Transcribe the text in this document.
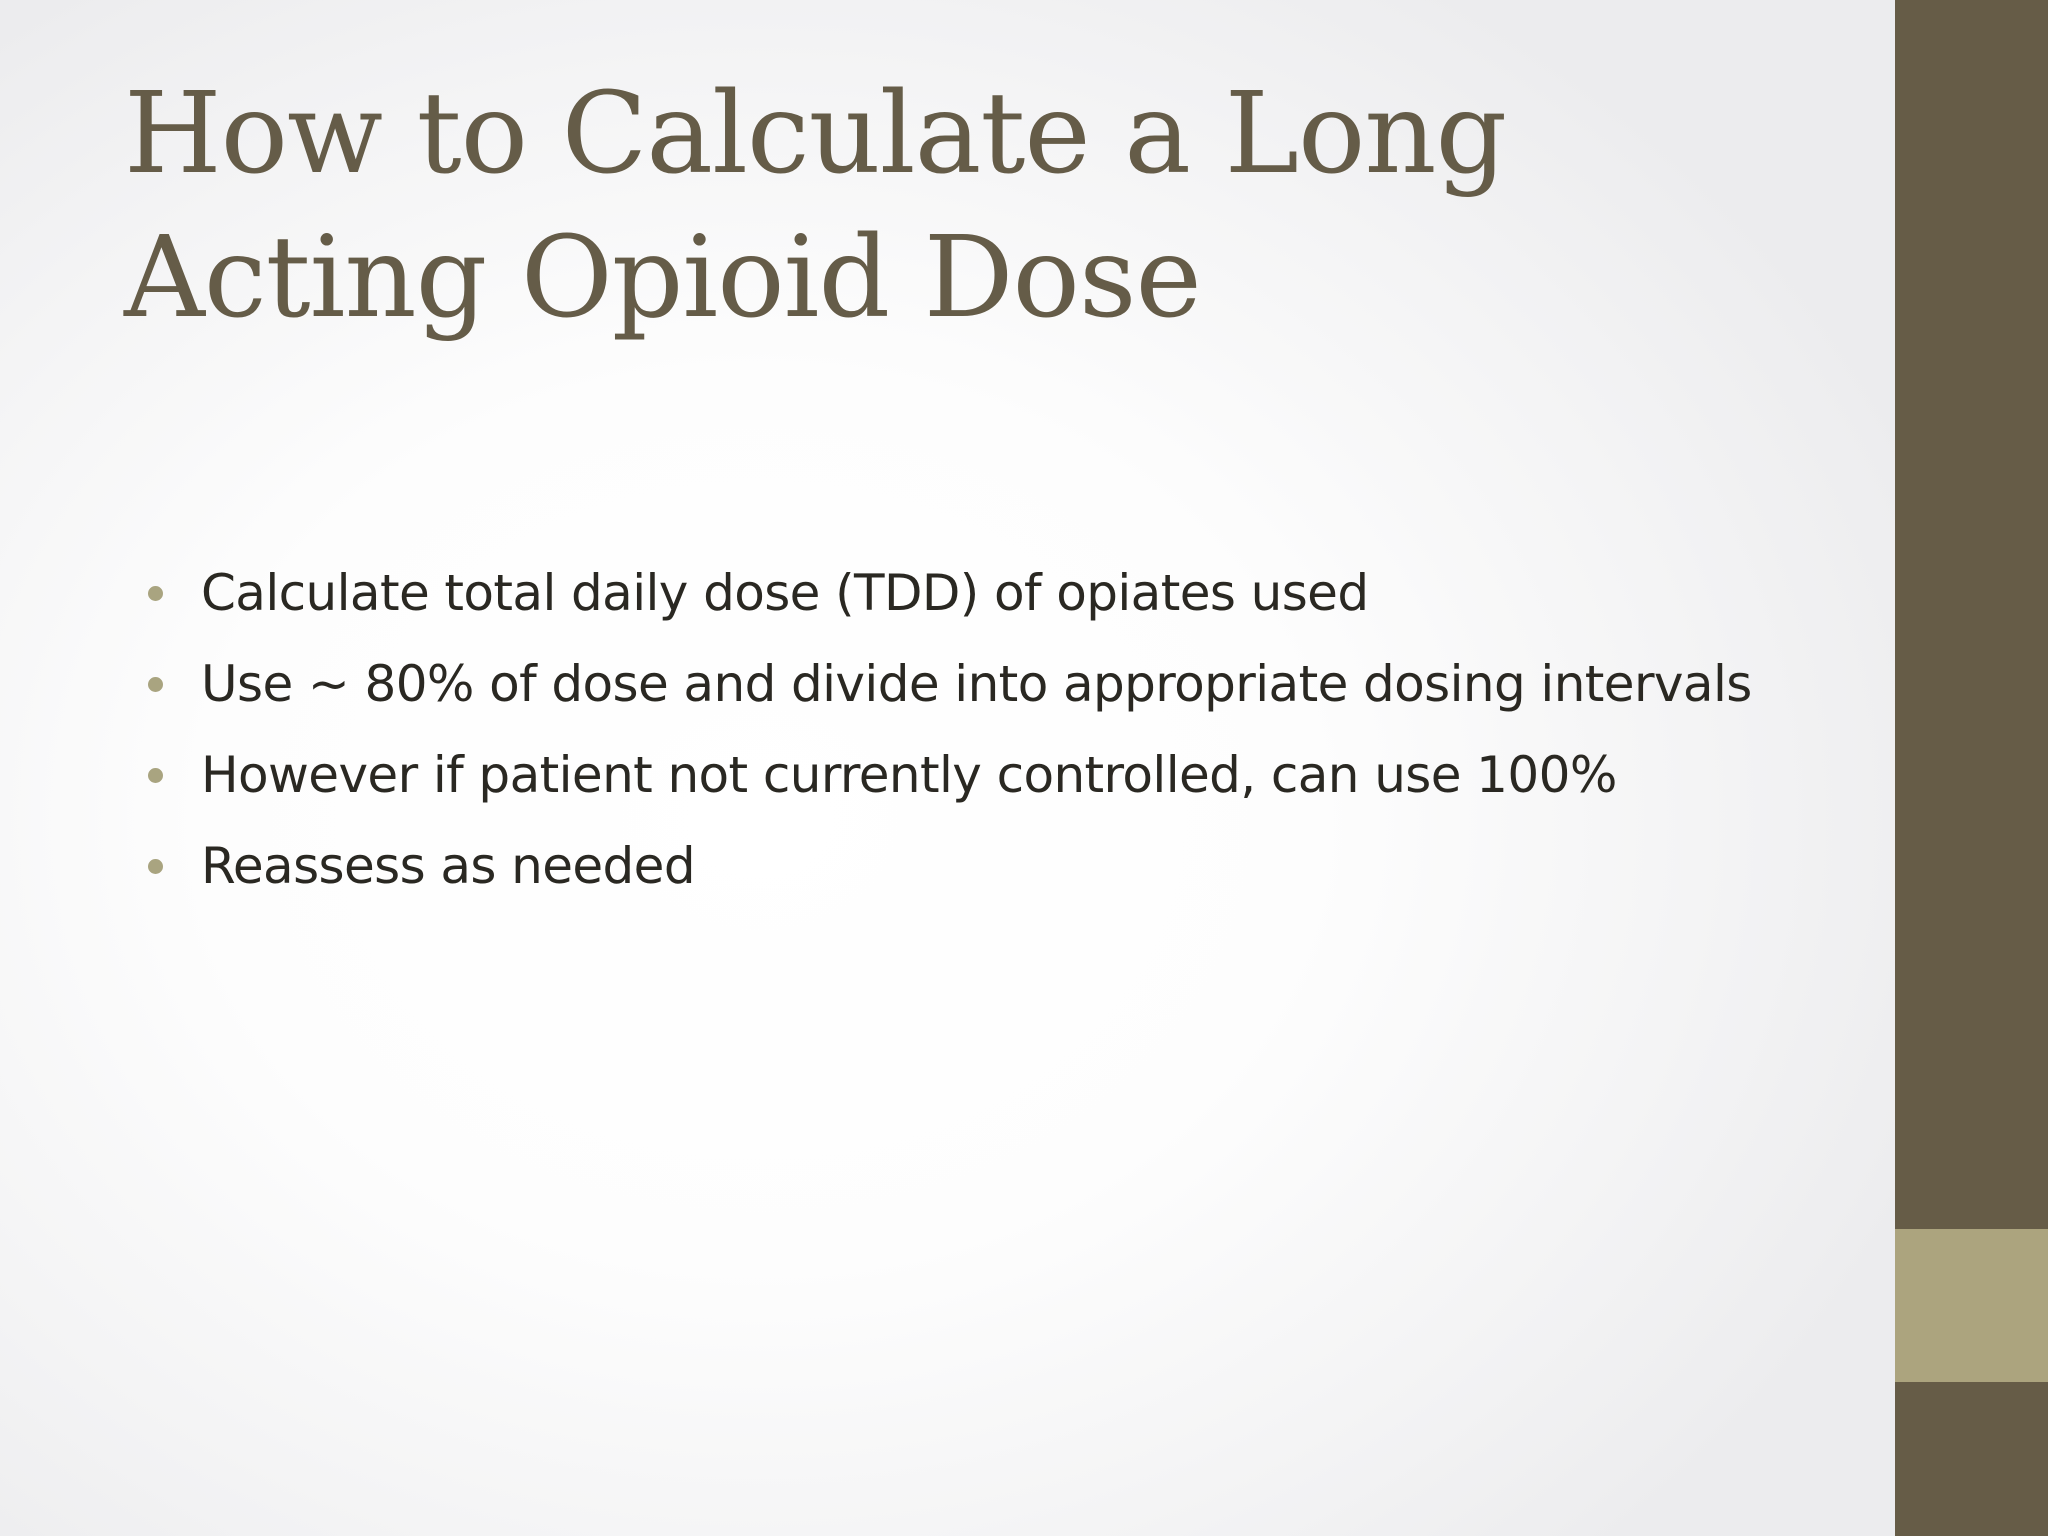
How to Calculate a Long Acting Opioid Dose
Calculate total daily dose (TDD) of opiates used
Use ~ 80% of dose and divide into appropriate dosing intervals
However if patient not currently controlled, can use 100%
Reassess as needed
